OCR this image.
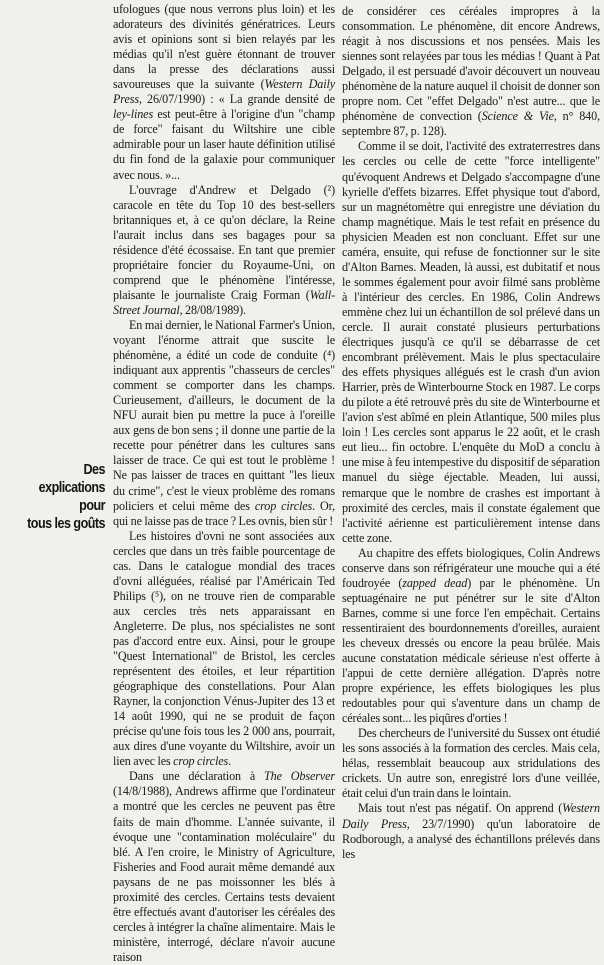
Des explications
pour
tous les goûts

ufologues (que nous verrons plus loin) et les adorateurs des divinités génératrices. Leurs avis et opinions sont si bien relayés par les médias qu'il n'est guère étonnant de trouver dans la presse des déclarations aussi savoureuses que la suivante (Western Daily Press, 26/07/1990) : « La grande densité de ley-lines est peut-être à l'origine d'un "champ de force" faisant du Wiltshire une cible admirable pour un laser haute définition utilisé du fin fond de la galaxie pour communiquer avec nous. »...

L'ouvrage d'Andrew et Delgado (²) caracole en tête du Top 10 des best-sellers britanniques et, à ce qu'on déclare, la Reine l'aurait inclus dans ses bagages pour sa résidence d'été écossaise. En tant que premier propriétaire foncier du Royaume-Uni, on comprend que le phénomène l'intéresse, plaisante le journaliste Craig Forman (Wall-Street Journal, 28/08/1989).

En mai dernier, le National Farmer's Union, voyant l'énorme attrait que suscite le phénomène, a édité un code de conduite (⁴) indiquant aux apprentis "chasseurs de cercles" comment se comporter dans les champs. Curieusement, d'ailleurs, le document de la NFU aurait bien pu mettre la puce à l'oreille aux gens de bon sens ; il donne une partie de la recette pour pénétrer dans les cultures sans laisser de trace. Ce qui est tout le problème ! Ne pas laisser de traces en quittant "les lieux du crime", c'est le vieux problème des romans policiers et celui même des crop circles. Or, qui ne laisse pas de trace ? Les ovnis, bien sûr !

Les histoires d'ovni ne sont associées aux cercles que dans un très faible pourcentage de cas. Dans le catalogue mondial des traces d'ovni alléguées, réalisé par l'Américain Ted Philips (⁵), on ne trouve rien de comparable aux cercles très nets apparaissant en Angleterre. De plus, nos spécialistes ne sont pas d'accord entre eux. Ainsi, pour le groupe "Quest International" de Bristol, les cercles représentent des étoiles, et leur répartition géographique des constellations. Pour Alan Rayner, la conjonction Vénus-Jupiter des 13 et 14 août 1990, qui ne se produit de façon précise qu'une fois tous les 2 000 ans, pourrait, aux dires d'une voyante du Wiltshire, avoir un lien avec les crop circles.

Dans une déclaration à The Observer (14/8/1988), Andrews affirme que l'ordinateur a montré que les cercles ne peuvent pas être faits de main d'homme. L'année suivante, il évoque une "contamination moléculaire" du blé. A l'en croire, le Ministry of Agriculture, Fisheries and Food aurait même demandé aux paysans de ne pas moissonner les blés à proximité des cercles. Certains tests devaient être effectués avant d'autoriser les céréales des cercles à intégrer la chaîne alimentaire. Mais le ministère, interrogé, déclare n'avoir aucune raison

de considérer ces céréales impropres à la consommation. Le phénomène, dit encore Andrews, réagit à nos discussions et nos pensées. Mais les siennes sont relayées par tous les médias ! Quant à Pat Delgado, il est persuadé d'avoir découvert un nouveau phénomène de la nature auquel il choisit de donner son propre nom. Cet "effet Delgado" n'est autre... que le phénomène de convection (Science & Vie, n° 840, septembre 87, p. 128).

Comme il se doit, l'activité des extraterrestres dans les cercles ou celle de cette "force intelligente" qu'évoquent Andrews et Delgado s'accompagne d'une kyrielle d'effets bizarres. Effet physique tout d'abord, sur un magnétomètre qui enregistre une déviation du champ magnétique. Mais le test refait en présence du physicien Meaden est non concluant. Effet sur une caméra, ensuite, qui refuse de fonctionner sur le site d'Alton Barnes. Meaden, là aussi, est dubitatif et nous le sommes également pour avoir filmé sans problème à l'intérieur des cercles. En 1986, Colin Andrews emmène chez lui un échantillon de sol prélevé dans un cercle. Il aurait constaté plusieurs perturbations électriques jusqu'à ce qu'il se débarrasse de cet encombrant prélèvement. Mais le plus spectaculaire des effets physiques allégués est le crash d'un avion Harrier, près de Winterbourne Stock en 1987. Le corps du pilote a été retrouvé près du site de Winterbourne et l'avion s'est abîmé en plein Atlantique, 500 miles plus loin ! Les cercles sont apparus le 22 août, et le crash eut lieu... fin octobre. L'enquête du MoD a conclu à une mise à feu intempestive du dispositif de séparation manuel du siège éjectable. Meaden, lui aussi, remarque que le nombre de crashes est important à proximité des cercles, mais il constate également que l'activité aérienne est particulièrement intense dans cette zone.

Au chapitre des effets biologiques, Colin Andrews conserve dans son réfrigérateur une mouche qui a été foudroyée (zapped dead) par le phénomène. Un septuagénaire ne put pénétrer sur le site d'Alton Barnes, comme si une force l'en empêchait. Certains ressentiraient des bourdonnements d'oreilles, auraient les cheveux dressés ou encore la peau brûlée. Mais aucune constatation médicale sérieuse n'est offerte à l'appui de cette dernière allégation. D'après notre propre expérience, les effets biologiques les plus redoutables pour qui s'aventure dans un champ de céréales sont... les piqûres d'orties !

Des chercheurs de l'université du Sussex ont étudié les sons associés à la formation des cercles. Mais cela, hélas, ressemblait beaucoup aux stridulations des crickets. Un autre son, enregistré lors d'une veillée, était celui d'un train dans le lointain.

Mais tout n'est pas négatif. On apprend (Western Daily Press, 23/7/1990) qu'un laboratoire de Rodborough, a analysé des échantillons prélevés dans les
